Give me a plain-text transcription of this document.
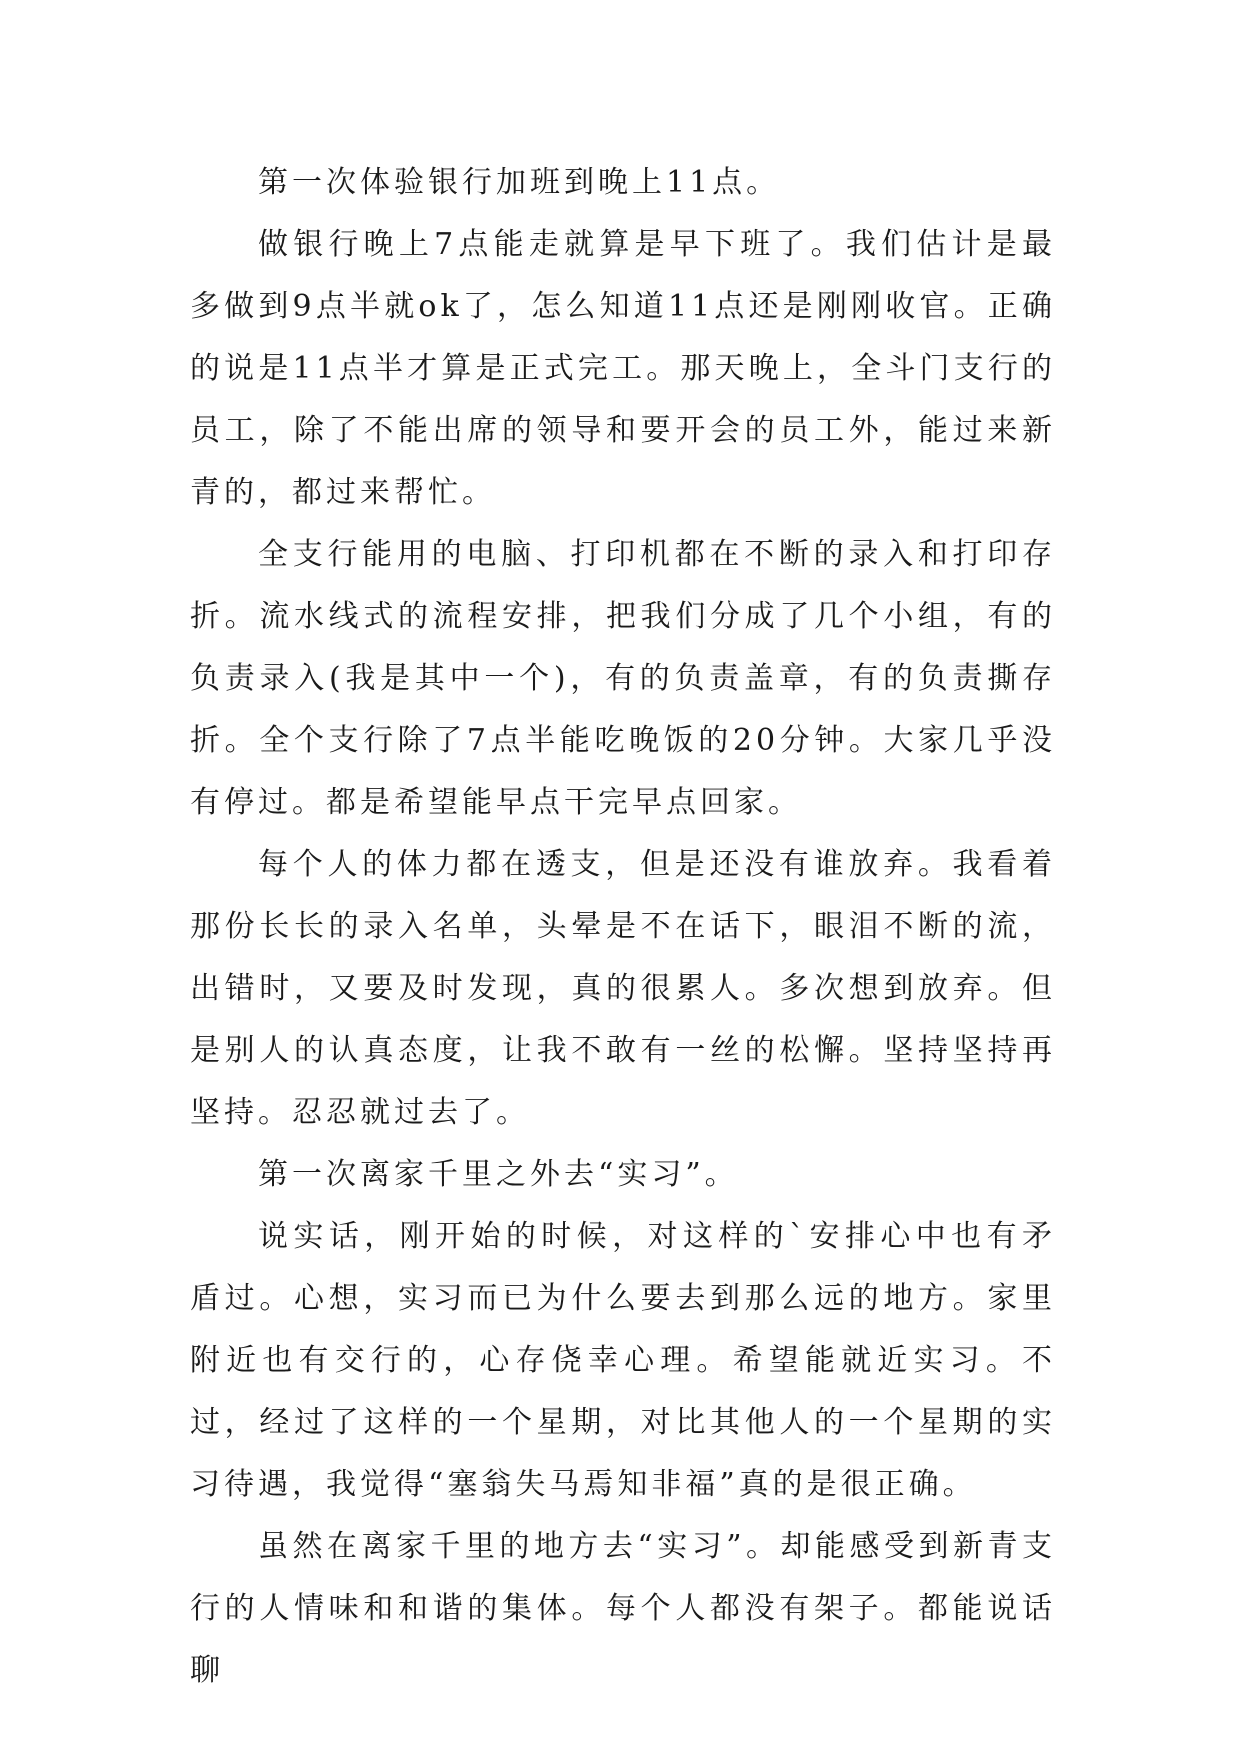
第一次体验银行加班到晚上11点。

做银行晚上7点能走就算是早下班了。我们估计是最多做到9点半就ok了，怎么知道11点还是刚刚收官。正确的说是11点半才算是正式完工。那天晚上，全斗门支行的员工，除了不能出席的领导和要开会的员工外，能过来新青的，都过来帮忙。

全支行能用的电脑、打印机都在不断的录入和打印存折。流水线式的流程安排，把我们分成了几个小组，有的负责录入(我是其中一个)，有的负责盖章，有的负责撕存折。全个支行除了7点半能吃晚饭的20分钟。大家几乎没有停过。都是希望能早点干完早点回家。

每个人的体力都在透支，但是还没有谁放弃。我看着那份长长的录入名单，头晕是不在话下，眼泪不断的流，出错时，又要及时发现，真的很累人。多次想到放弃。但是别人的认真态度，让我不敢有一丝的松懈。坚持坚持再坚持。忍忍就过去了。

第一次离家千里之外去“实习”。

说实话，刚开始的时候，对这样的`安排心中也有矛盾过。心想，实习而已为什么要去到那么远的地方。家里附近也有交行的，心存侥幸心理。希望能就近实习。不过，经过了这样的一个星期，对比其他人的一个星期的实习待遇，我觉得“塞翁失马焉知非福”真的是很正确。

虽然在离家千里的地方去“实习”。却能感受到新青支行的人情味和和谐的集体。每个人都没有架子。都能说话聊
